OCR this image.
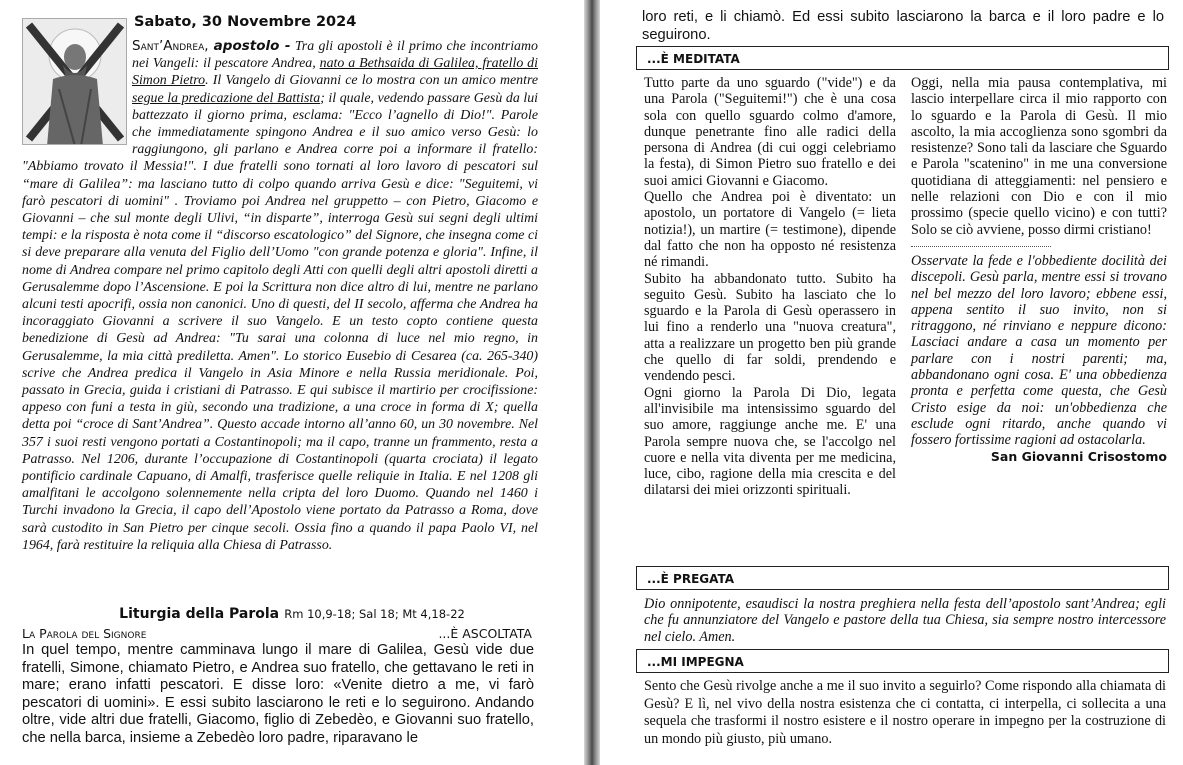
Sabato, 30 Novembre 2024
Sant’Andrea, apostolo - Tra gli apostoli è il primo che incontriamo nei Vangeli: il pescatore Andrea, nato a Bethsaida di Galilea, fratello di Simon Pietro. Il Vangelo di Giovanni ce lo mostra con un amico mentre segue la predicazione del Battista; il quale, vedendo passare Gesù da lui battezzato il giorno prima, esclama: "Ecco l’agnello di Dio!". Parole che immediatamente spingono Andrea e il suo amico verso Gesù: lo raggiungono, gli parlano e Andrea corre poi a informare il fratello: "Abbiamo trovato il Messia!". I due fratelli sono tornati al loro lavoro di pescatori sul “mare di Galilea”: ma lasciano tutto di colpo quando arriva Gesù e dice: "Seguitemi, vi farò pescatori di uomini" . Troviamo poi Andrea nel gruppetto – con Pietro, Giacomo e Giovanni – che sul monte degli Ulivi, “in disparte”, interroga Gesù sui segni degli ultimi tempi: e la risposta è nota come il “discorso escatologico” del Signore, che insegna come ci si deve preparare alla venuta del Figlio dell’Uomo "con grande potenza e gloria". Infine, il nome di Andrea compare nel primo capitolo degli Atti con quelli degli altri apostoli diretti a Gerusalemme dopo l’Ascensione. E poi la Scrittura non dice altro di lui, mentre ne parlano alcuni testi apocrifi, ossia non canonici. Uno di questi, del II secolo, afferma che Andrea ha incoraggiato Giovanni a scrivere il suo Vangelo. E un testo copto contiene questa benedizione di Gesù ad Andrea: "Tu sarai una colonna di luce nel mio regno, in Gerusalemme, la mia città prediletta. Amen". Lo storico Eusebio di Cesarea (ca. 265-340) scrive che Andrea predica il Vangelo in Asia Minore e nella Russia meridionale. Poi, passato in Grecia, guida i cristiani di Patrasso. E qui subisce il martirio per crocifissione: appeso con funi a testa in giù, secondo una tradizione, a una croce in forma di X; quella detta poi “croce di Sant’Andrea”. Questo accade intorno all’anno 60, un 30 novembre. Nel 357 i suoi resti vengono portati a Costantinopoli; ma il capo, tranne un frammento, resta a Patrasso. Nel 1206, durante l’occupazione di Costantinopoli (quarta crociata) il legato pontificio cardinale Capuano, di Amalfi, trasferisce quelle reliquie in Italia. E nel 1208 gli amalfitani le accolgono solennemente nella cripta del loro Duomo. Quando nel 1460 i Turchi invadono la Grecia, il capo dell’Apostolo viene portato da Patrasso a Roma, dove sarà custodito in San Pietro per cinque secoli. Ossia fino a quando il papa Paolo VI, nel 1964, farà restituire la reliquia alla Chiesa di Patrasso.
Liturgia della Parola Rm 10,9-18; Sal 18; Mt 4,18-22
La Parola del Signore	...È ASCOLTATA
In quel tempo, mentre camminava lungo il mare di Galilea, Gesù vide due fratelli, Simone, chiamato Pietro, e Andrea suo fratello, che gettavano le reti in mare; erano infatti pescatori. E disse loro: «Venite dietro a me, vi farò pescatori di uomini». E essi subito lasciarono le reti e lo seguirono. Andando oltre, vide altri due fratelli, Giacomo, figlio di Zebedèo, e Giovanni suo fratello, che nella barca, insieme a Zebedèo loro padre, riparavano le
loro reti, e li chiamò. Ed essi subito lasciarono la barca e il loro padre e lo seguirono.
...È MEDITATA

Tutto parte da uno sguardo ("vide") e da una Parola ("Seguitemi!") che è una cosa sola con quello sguardo colmo d'amore, dunque penetrante fino alle radici della persona di Andrea (di cui oggi celebriamo la festa), di Simon Pietro suo fratello e dei suoi amici Giovanni e Giacomo.

Quello che Andrea poi è diventato: un apostolo, un portatore di Vangelo (= lieta notizia!), un martire (= testimone), dipende dal fatto che non ha opposto né resistenza né rimandi.

Subito ha abbandonato tutto. Subito ha seguito Gesù. Subito ha lasciato che lo sguardo e la Parola di Gesù operassero in lui fino a renderlo una "nuova creatura", atta a realizzare un progetto ben più grande che quello di far soldi, prendendo e vendendo pesci.

Ogni giorno la Parola Di Dio, legata all'invisibile ma intensissimo sguardo del suo amore, raggiunge anche me. E' una Parola sempre nuova che, se l'accolgo nel cuore e nella vita diventa per me medicina, luce, cibo, ragione della mia crescita e del dilatarsi dei miei orizzonti spirituali.

Oggi, nella mia pausa contemplativa, mi lascio interpellare circa il mio rapporto con lo sguardo e la Parola di Gesù. Il mio ascolto, la mia accoglienza sono sgombri da resistenze? Sono tali da lasciare che Sguardo e Parola "scatenino" in me una conversione quotidiana di atteggiamenti: nel pensiero e nelle relazioni con Dio e con il mio prossimo (specie quello vicino) e con tutti? Solo se ciò avviene, posso dirmi cristiano!

Osservate la fede e l'obbediente docilità dei discepoli. Gesù parla, mentre essi si trovano nel bel mezzo del loro lavoro; ebbene essi, appena sentito il suo invito, non si ritraggono, né rinviano e neppure dicono: Lasciaci andare a casa un momento per parlare con i nostri parenti; ma, abbandonano ogni cosa. E' una obbedienza pronta e perfetta come questa, che Gesù Cristo esige da noi: un'obbedienza che esclude ogni ritardo, anche quando vi fossero fortissime ragioni ad ostacolarla.

San Giovanni Crisostomo

...È PREGATA
Dio onnipotente, esaudisci la nostra preghiera nella festa dell’apostolo sant’Andrea; egli che fu annunziatore del Vangelo e pastore della tua Chiesa, sia sempre nostro intercessore nel cielo. Amen.
...MI IMPEGNA
Sento che Gesù rivolge anche a me il suo invito a seguirlo? Come rispondo alla chiamata di Gesù? E lì, nel vivo della nostra esistenza che ci contatta, ci interpella, ci sollecita a una sequela che trasformi il nostro esistere e il nostro operare in impegno per la costruzione di un mondo più giusto, più umano.
